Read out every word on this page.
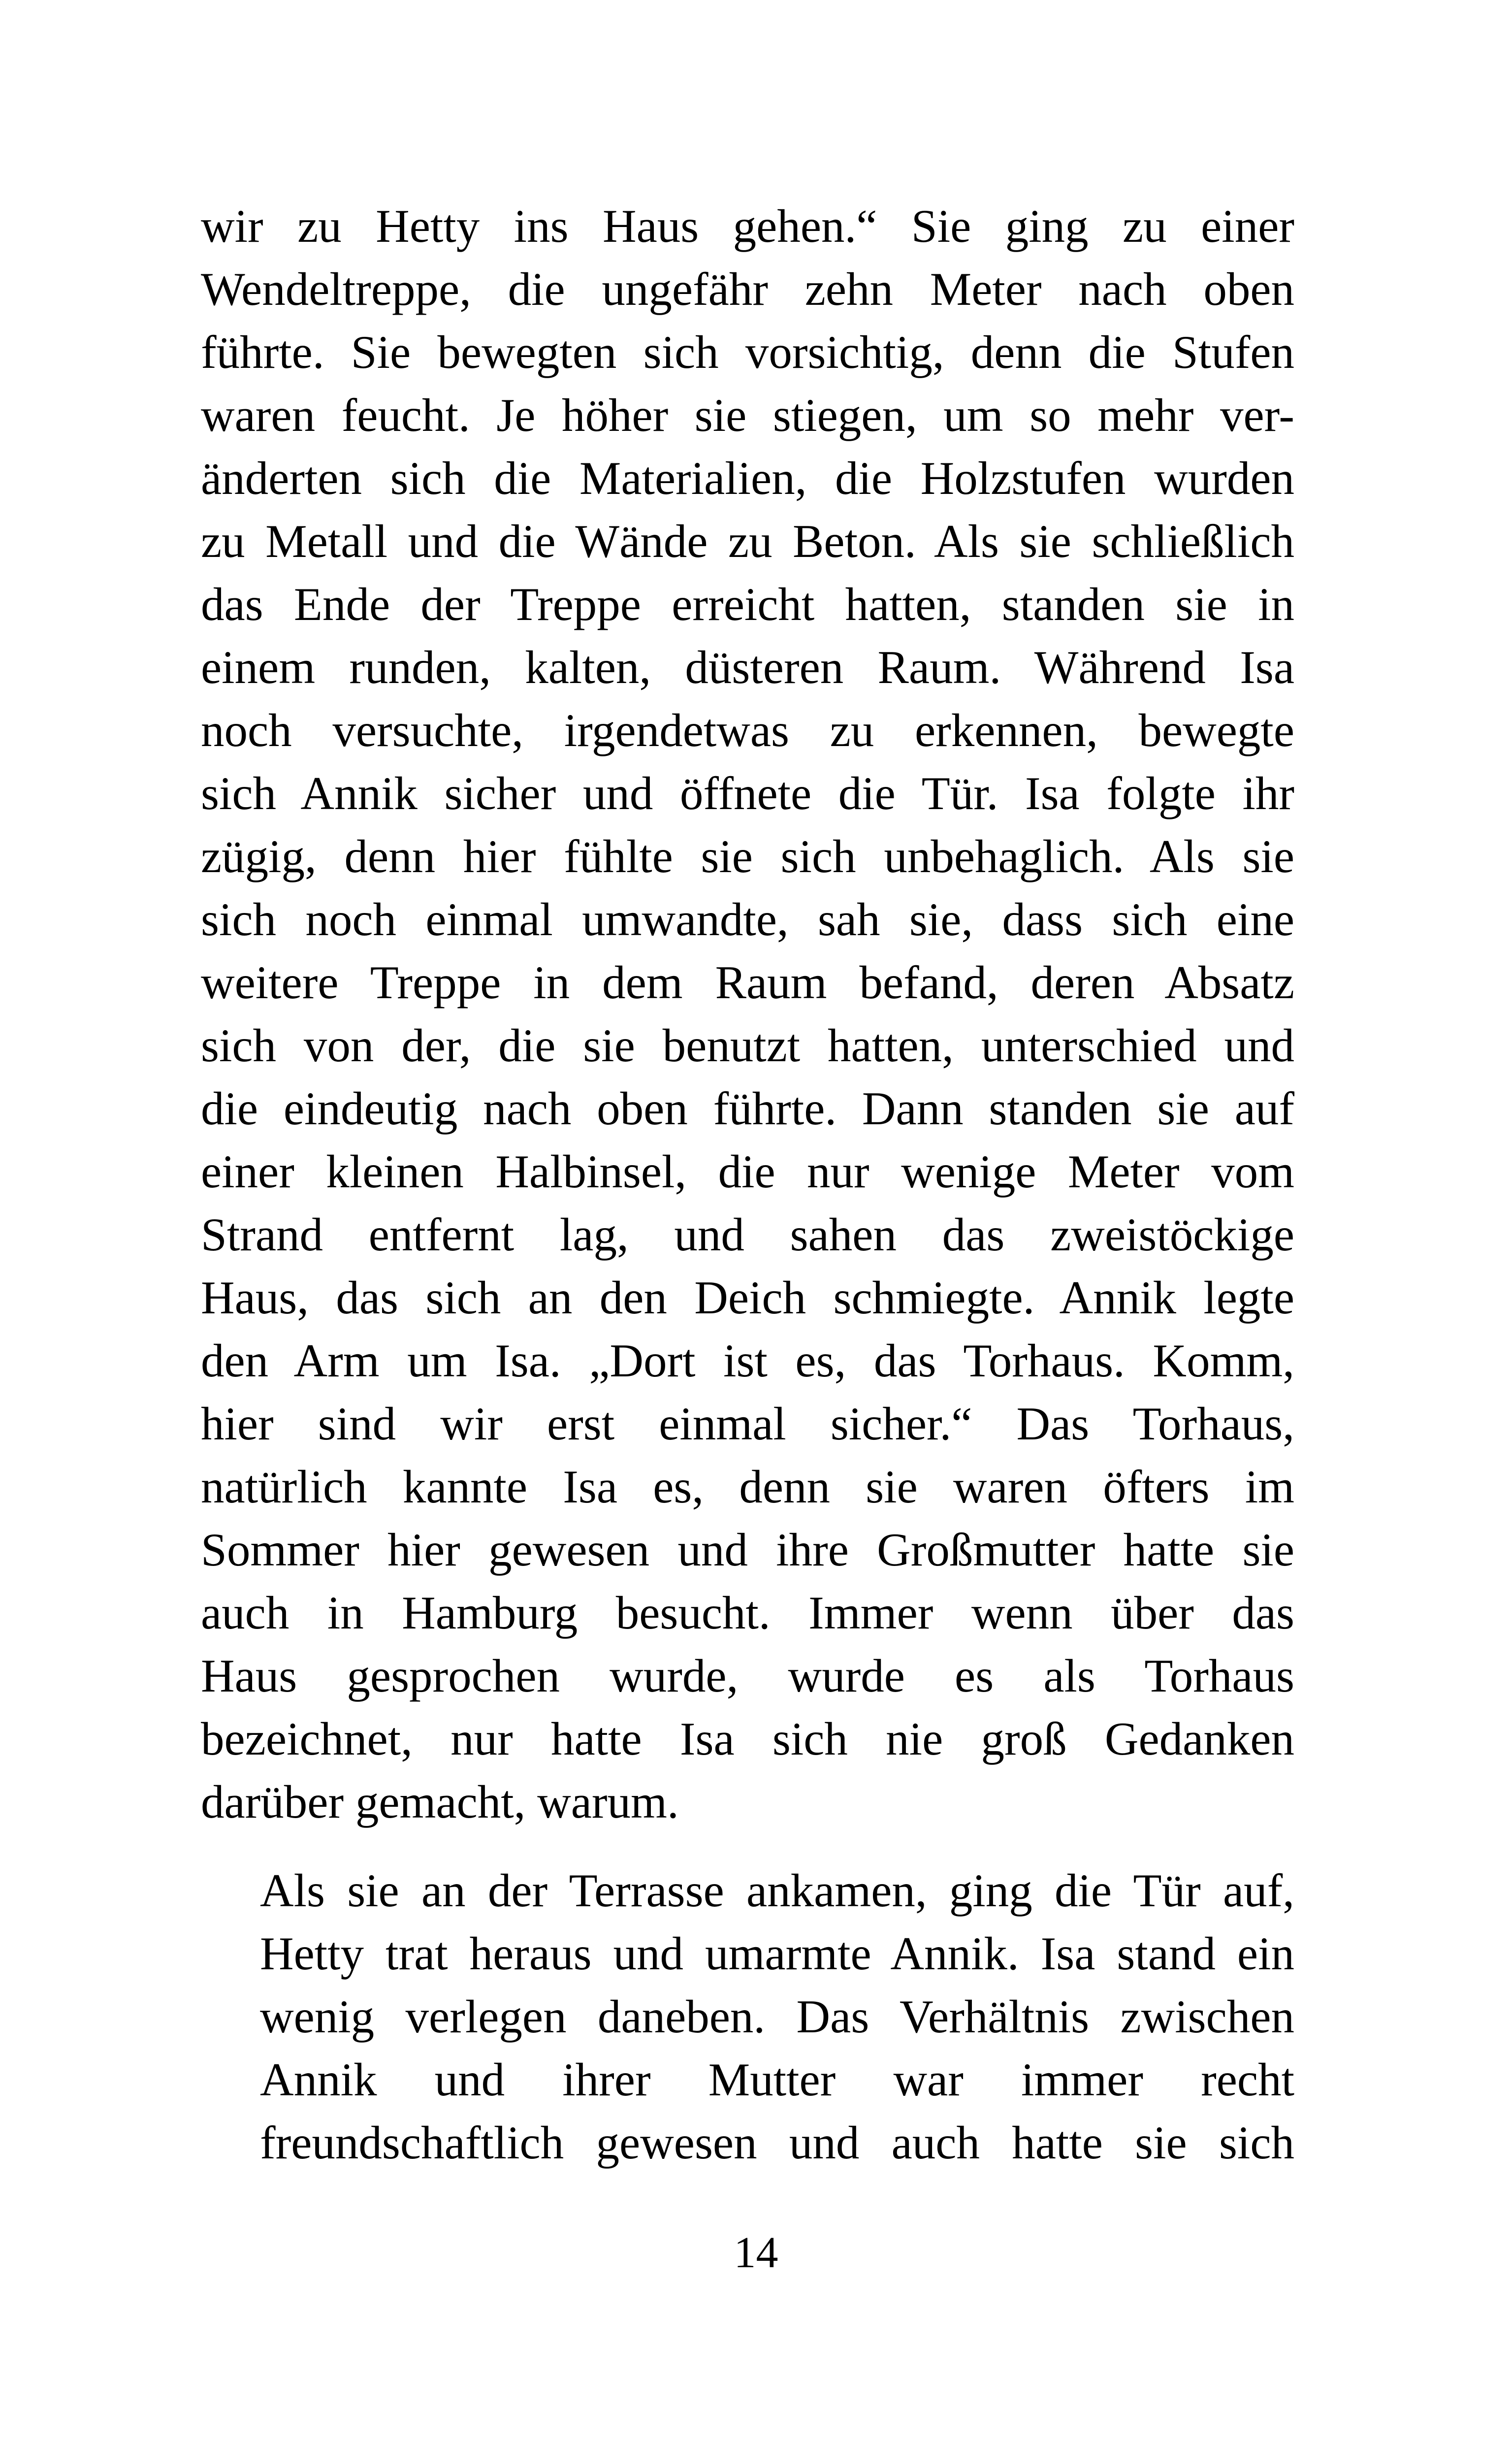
wir zu Hetty ins Haus gehen.“ Sie ging zu einer
Wendeltreppe, die ungefähr zehn Meter nach oben
führte. Sie bewegten sich vorsichtig, denn die Stufen
waren feucht. Je höher sie stiegen, um so mehr ver-
änderten sich die Materialien, die Holzstufen wurden
zu Metall und die Wände zu Beton. Als sie schließlich
das Ende der Treppe erreicht hatten, standen sie in
einem runden, kalten, düsteren Raum. Während Isa
noch versuchte, irgendetwas zu erkennen, bewegte
sich Annik sicher und öffnete die Tür. Isa folgte ihr
zügig, denn hier fühlte sie sich unbehaglich. Als sie
sich noch einmal umwandte, sah sie, dass sich eine
weitere Treppe in dem Raum befand, deren Absatz
sich von der, die sie benutzt hatten, unterschied und
die eindeutig nach oben führte. Dann standen sie auf
einer kleinen Halbinsel, die nur wenige Meter vom
Strand entfernt lag, und sahen das zweistöckige
Haus, das sich an den Deich schmiegte. Annik legte
den Arm um Isa. „Dort ist es, das Torhaus. Komm,
hier sind wir erst einmal sicher.“ Das Torhaus,
natürlich kannte Isa es, denn sie waren öfters im
Sommer hier gewesen und ihre Großmutter hatte sie
auch in Hamburg besucht. Immer wenn über das
Haus gesprochen wurde, wurde es als Torhaus
bezeichnet, nur hatte Isa sich nie groß Gedanken
darüber gemacht, warum.
Als sie an der Terrasse ankamen, ging die Tür auf,
Hetty trat heraus und umarmte Annik. Isa stand ein
wenig verlegen daneben. Das Verhältnis zwischen
Annik und ihrer Mutter war immer recht
freundschaftlich gewesen und auch hatte sie sich
14
